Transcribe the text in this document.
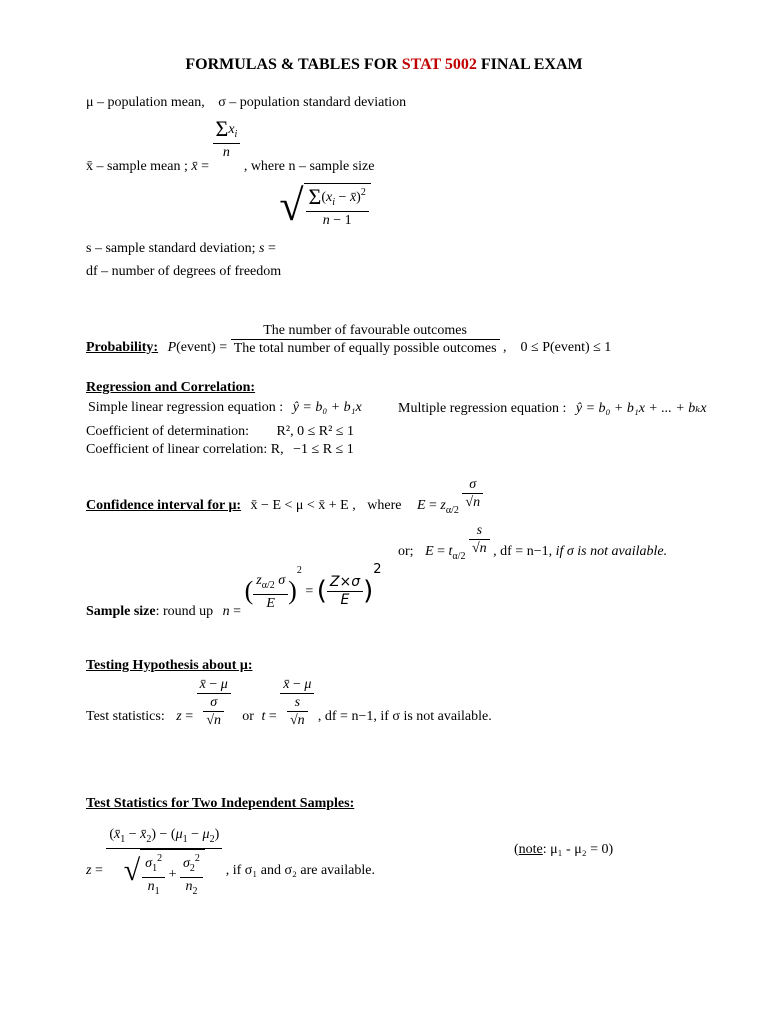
FORMULAS & TABLES FOR STAT 5002 FINAL EXAM
μ – population mean, σ – population standard deviation
x̄ – sample mean ; x̄ =
$\frac{\Sigma x_i}{n}$
, where n – sample size
s – sample standard deviation; s = √ $\frac{\Sigma(x_i - x̄)^2}{n - 1}$
df – number of degrees of freedom
Probability: P(event) = $\frac{\text{The number of favourable outcomes}}{\text{The total number of equally possible outcomes}}$ ,    0 ≤ P(event) ≤ 1
Regression and Correlation:
Simple linear regression equation : ŷ = b₀ + b₁x	Multiple regression equation : ŷ = b₀ + b₁x + ... + bₖx
Coefficient of determination: R², 0 ≤ R² ≤ 1
Coefficient of linear correlation: R, −1 ≤ R ≤ 1
Confidence interval for μ: x̄ − E < μ < x̄ + E , where $E = z_{\alpha/2} \frac{\sigma}{√n}$
or; $E = t_{\alpha/2} \frac{s}{√n}$ , df = n−1, if σ is not available.
Sample size: round up n = ( $\frac{z_{\alpha/2} \sigma}{E} )^2$ = ( $\frac{Z\times\sigma}{E} )2$
Testing Hypothesis about μ:
Test statistics: $z = \frac{x̄ - \mu}{\frac{\sigma}{√n}}$ or $t = \frac{x̄ - \mu}{\frac{s}{√n}}$ , df = n−1, if σ is not available.
Test Statistics for Two Independent Samples:
$z = \frac{(x̄_1 - x̄_2) - (\mu_1 - \mu_2)}{√ \frac{\sigma_1^2}{n_1} + \frac{\sigma_2^2}{n_2}}$ , if σ₁ and σ₂ are available.
(note: μ₁ - μ₂ = 0)
